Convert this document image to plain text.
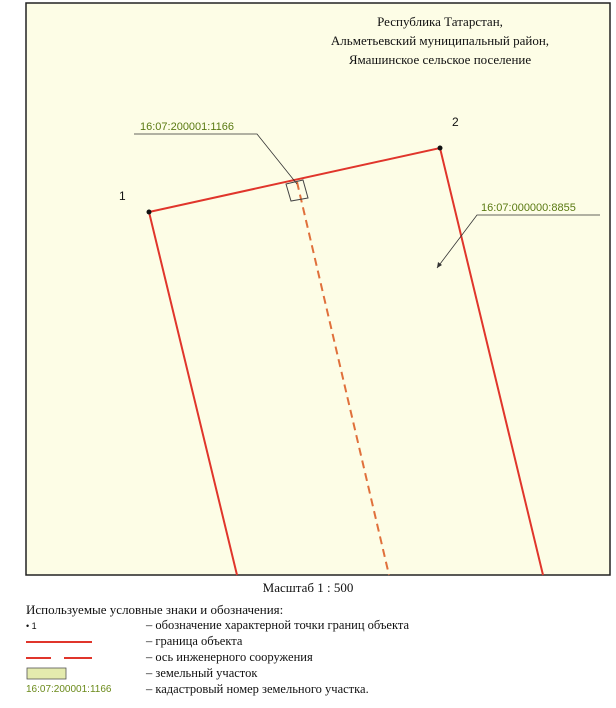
1
2
16:07:200001:1166
16:07:000000:8855
Республика Татарстан,
Альметьевский муниципальный район,
Ямашинское сельское поселение
Масштаб 1 : 500
Используемые условные знаки и обозначения:
• 1	– обозначение характерной точки границ объекта
– граница объекта
– ось инженерного сооружения
– земельный участок
16:07:200001:1166	– кадастровый номер земельного участка.
